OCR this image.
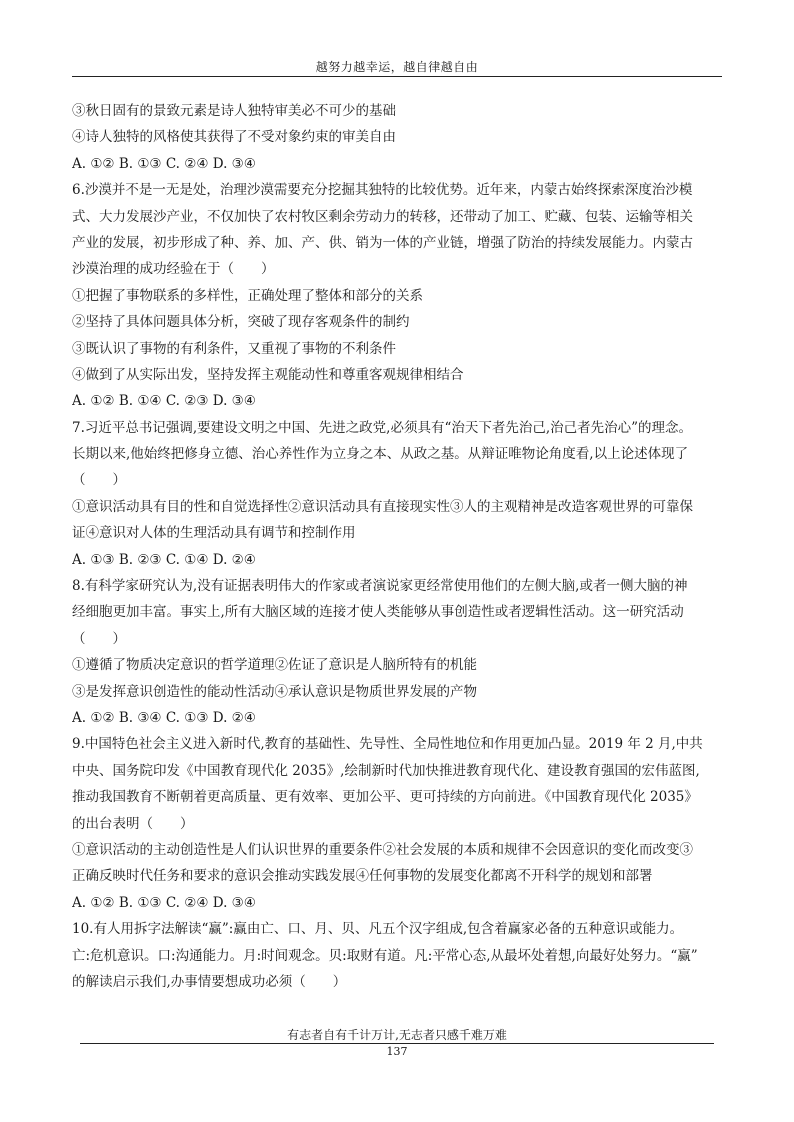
越努力越幸运，越自律越自由
③秋日固有的景致元素是诗人独特审美必不可少的基础
④诗人独特的风格使其获得了不受对象约束的审美自由
A. ①② B. ①③ C. ②④ D. ③④
6.沙漠并不是一无是处，治理沙漠需要充分挖掘其独特的比较优势。近年来，内蒙古始终探索深度治沙模
式、大力发展沙产业，不仅加快了农村牧区剩余劳动力的转移，还带动了加工、贮藏、包装、运输等相关
产业的发展，初步形成了种、养、加、产、供、销为一体的产业链，增强了防治的持续发展能力。内蒙古
沙漠治理的成功经验在于（　　）
①把握了事物联系的多样性，正确处理了整体和部分的关系
②坚持了具体问题具体分析，突破了现存客观条件的制约
③既认识了事物的有利条件，又重视了事物的不利条件
④做到了从实际出发，坚持发挥主观能动性和尊重客观规律相结合
A. ①② B. ①④ C. ②③ D. ③④
7.习近平总书记强调,要建设文明之中国、先进之政党,必须具有“治天下者先治己,治己者先治心”的理念。
长期以来,他始终把修身立德、治心养性作为立身之本、从政之基。从辩证唯物论角度看,以上论述体现了
（　　）
①意识活动具有目的性和自觉选择性②意识活动具有直接现实性③人的主观精神是改造客观世界的可靠保
证④意识对人体的生理活动具有调节和控制作用
A. ①③ B. ②③ C. ①④ D. ②④
8.有科学家研究认为,没有证据表明伟大的作家或者演说家更经常使用他们的左侧大脑,或者一侧大脑的神
经细胞更加丰富。事实上,所有大脑区域的连接才使人类能够从事创造性或者逻辑性活动。这一研究活动
（　　）
①遵循了物质决定意识的哲学道理②佐证了意识是人脑所特有的机能
③是发挥意识创造性的能动性活动④承认意识是物质世界发展的产物
A. ①② B. ③④ C. ①③ D. ②④
9.中国特色社会主义进入新时代,教育的基础性、先导性、全局性地位和作用更加凸显。2019 年 2 月,中共
中央、国务院印发《中国教育现代化 2035》,绘制新时代加快推进教育现代化、建设教育强国的宏伟蓝图,
推动我国教育不断朝着更高质量、更有效率、更加公平、更可持续的方向前进。《中国教育现代化 2035》
的出台表明（　　）
①意识活动的主动创造性是人们认识世界的重要条件②社会发展的本质和规律不会因意识的变化而改变③
正确反映时代任务和要求的意识会推动实践发展④任何事物的发展变化都离不开科学的规划和部署
A. ①② B. ①③ C. ②④ D. ③④
10.有人用拆字法解读“赢”:赢由亡、口、月、贝、凡五个汉字组成,包含着赢家必备的五种意识或能力。
亡:危机意识。口:沟通能力。月:时间观念。贝:取财有道。凡:平常心态,从最坏处着想,向最好处努力。“赢”
的解读启示我们,办事情要想成功必须（　　）
有志者自有千计万计,无志者只感千难万难
137
